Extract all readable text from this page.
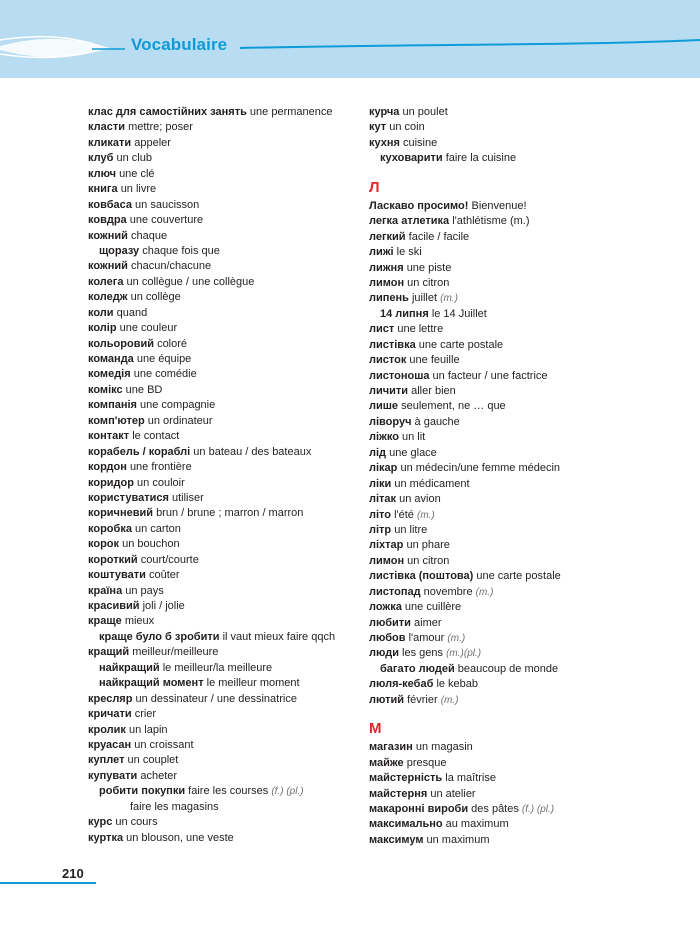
Vocabulaire
клас для самостійних занять une permanence
класти mettre; poser
кликати appeler
клуб un club
ключ une clé
книга un livre
ковбаса un saucisson
ковдра une couverture
кожний chaque
щоразу chaque fois que
кожний chacun/chacune
колега un collègue / une collègue
коледж un collège
коли quand
колір une couleur
кольоровий coloré
команда une équipe
комедія une comédie
комікс une BD
компанія une compagnie
комп'ютер un ordinateur
контакт le contact
корабель / кораблі un bateau / des bateaux
кордон une frontière
коридор un couloir
користуватися utiliser
коричневий brun / brune ; marron / marron
коробка un carton
корок un bouchon
короткий court/courte
коштувати coûter
країна un pays
красивий joli / jolie
краще mieux
краще було б зробити il vaut mieux faire qqch
кращий meilleur/meilleure
найкращий le meilleur/la meilleure
найкращий момент le meilleur moment
кресляр un dessinateur / une dessinatrice
кричати crier
кролик un lapin
круасан un croissant
куплет un couplet
купувати acheter
робити покупки faire les courses (f.) (pl.)
faire les magasins
курс un cours
куртка un blouson, une veste
курча un poulet
кут un coin
кухня cuisine
куховарити faire la cuisine
Л
Ласкаво просимо! Bienvenue!
легка атлетика l'athlétisme (m.)
легкий facile / facile
лижі le ski
лижня une piste
лимон un citron
липень juillet (m.)
14 липня le 14 Juillet
лист une lettre
листівка une carte postale
листок une feuille
листоноша un facteur / une factrice
личити aller bien
лише seulement, ne … que
ліворуч à gauche
ліжко un lit
лід une glace
лікар un médecin/une femme médecin
ліки un médicament
літак un avion
літо l'été (m.)
літр un litre
ліхтар un phare
лимон un citron
листівка (поштова) une carte postale
листопад novembre (m.)
ложка une cuillère
любити aimer
любов l'amour (m.)
люди les gens (m.)(pl.)
багато людей beaucoup de monde
люля-кебаб le kebab
лютий février (m.)
М
магазин un magasin
майже presque
майстерність la maîtrise
майстерня un atelier
макаронні вироби des pâtes (f.) (pl.)
максимально au maximum
максимум un maximum
210
